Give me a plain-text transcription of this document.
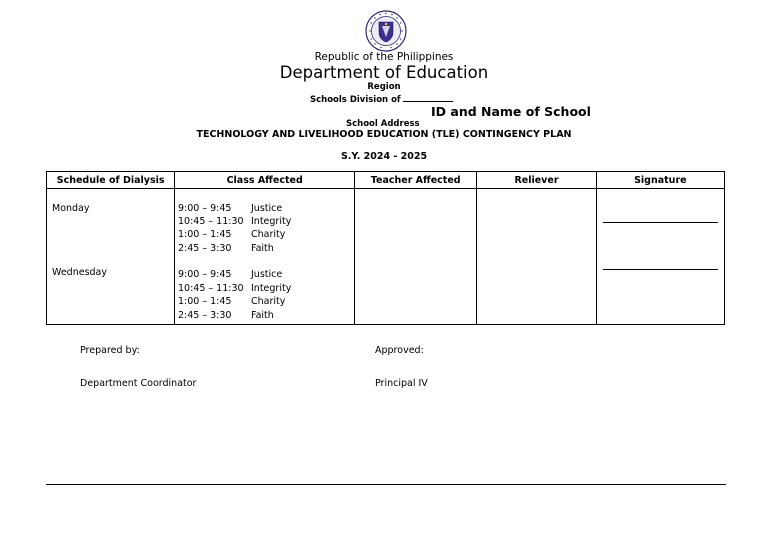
Republic of the Philippines
Department of Education
Region
Schools Division of
ID and Name of School
School Address
TECHNOLOGY AND LIVELIHOOD EDUCATION (TLE) CONTINGENCY PLAN
S.Y. 2024 - 2025
Schedule of Dialysis	Class Affected	Teacher Affected	Reliever	Signature

Monday	9:00 – 9:45 Justice
10:45 – 11:30 Integrity
1:00 – 1:45 Charity
2:45 – 3:30 Faith
Wednesday	9:00 – 9:45 Justice
10:45 – 11:30 Integrity
1:00 – 1:45 Charity
2:45 – 3:30 Faith
Prepared by:	Approved:
Department Coordinator	Principal IV
